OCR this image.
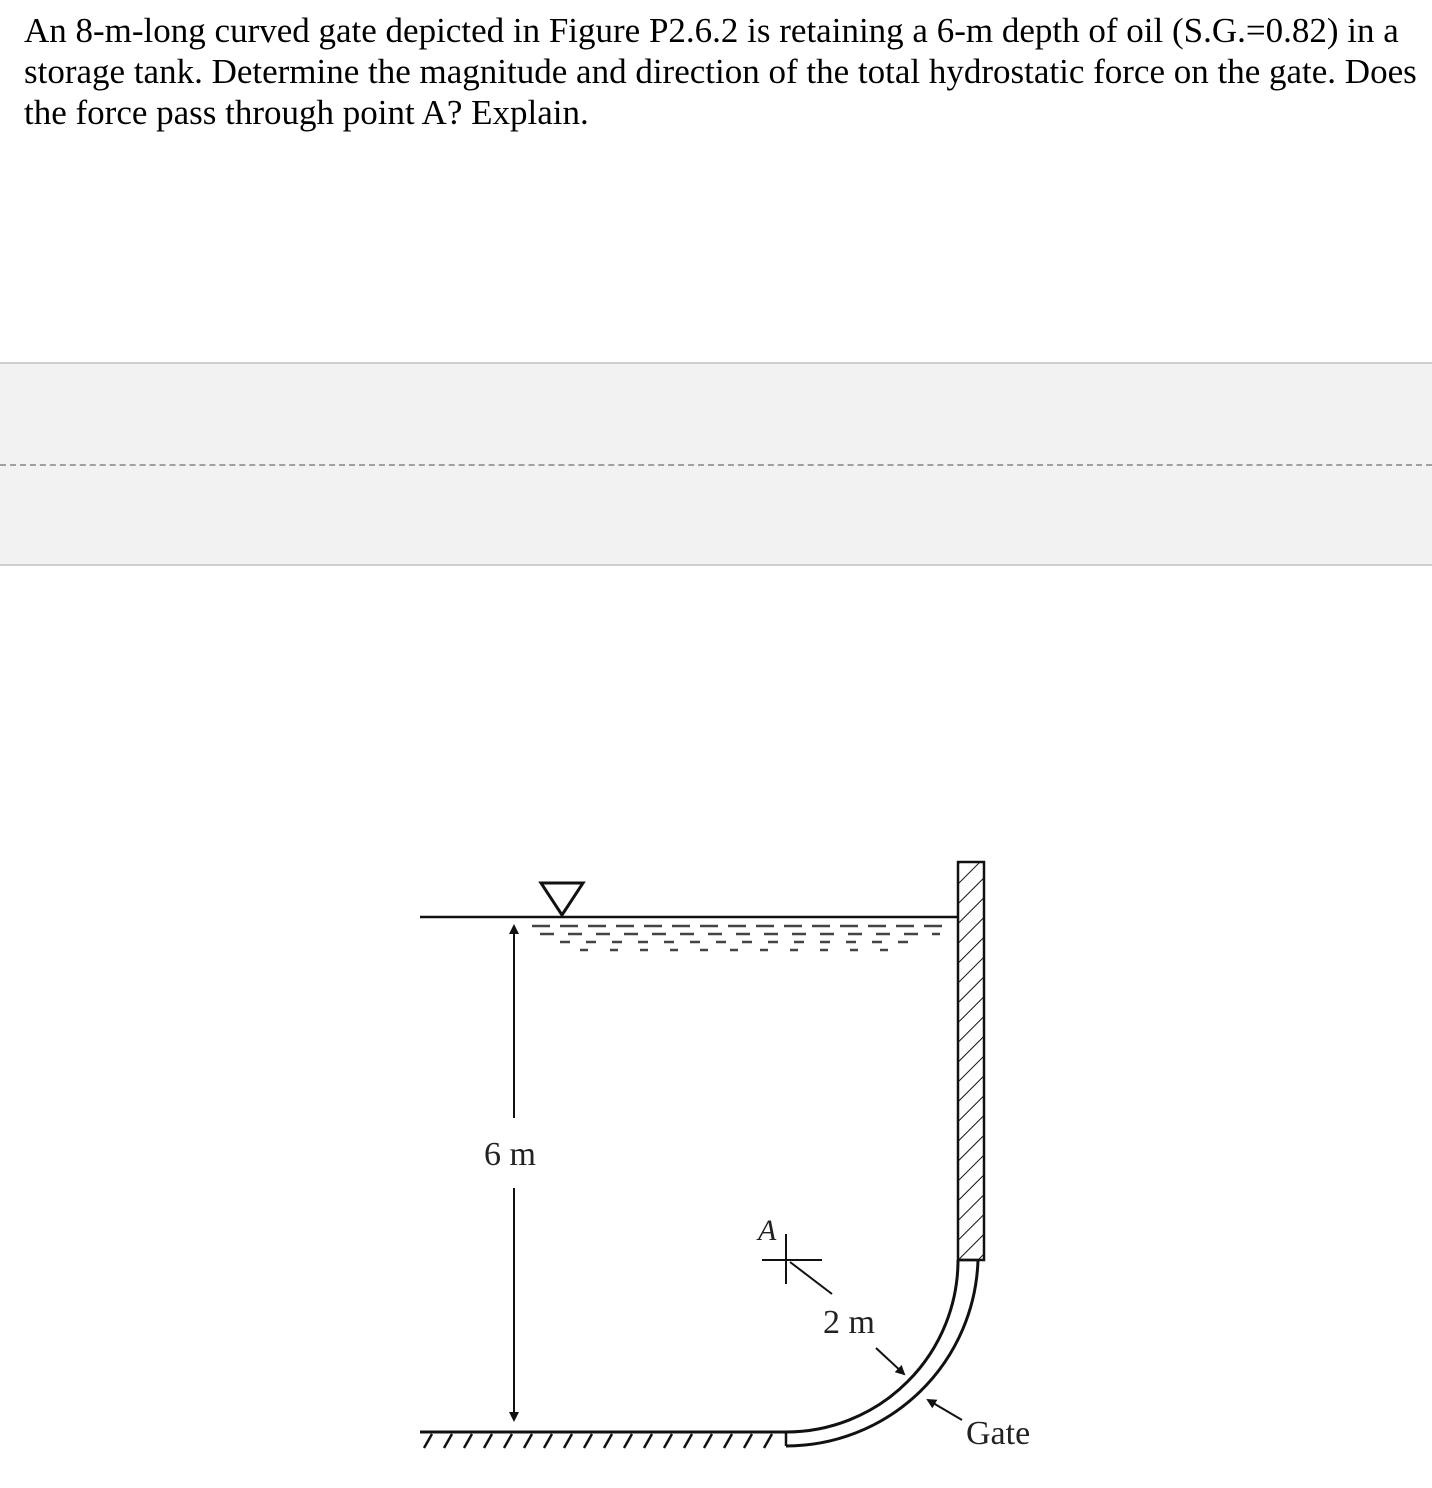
An 8-m-long curved gate depicted in Figure P2.6.2 is retaining a 6-m depth of oil (S.G.=0.82) in a storage tank. Determine the magnitude and direction of the total hydrostatic force on the gate. Does the force pass through point A? Explain.

6 m
A
2 m
Gate
